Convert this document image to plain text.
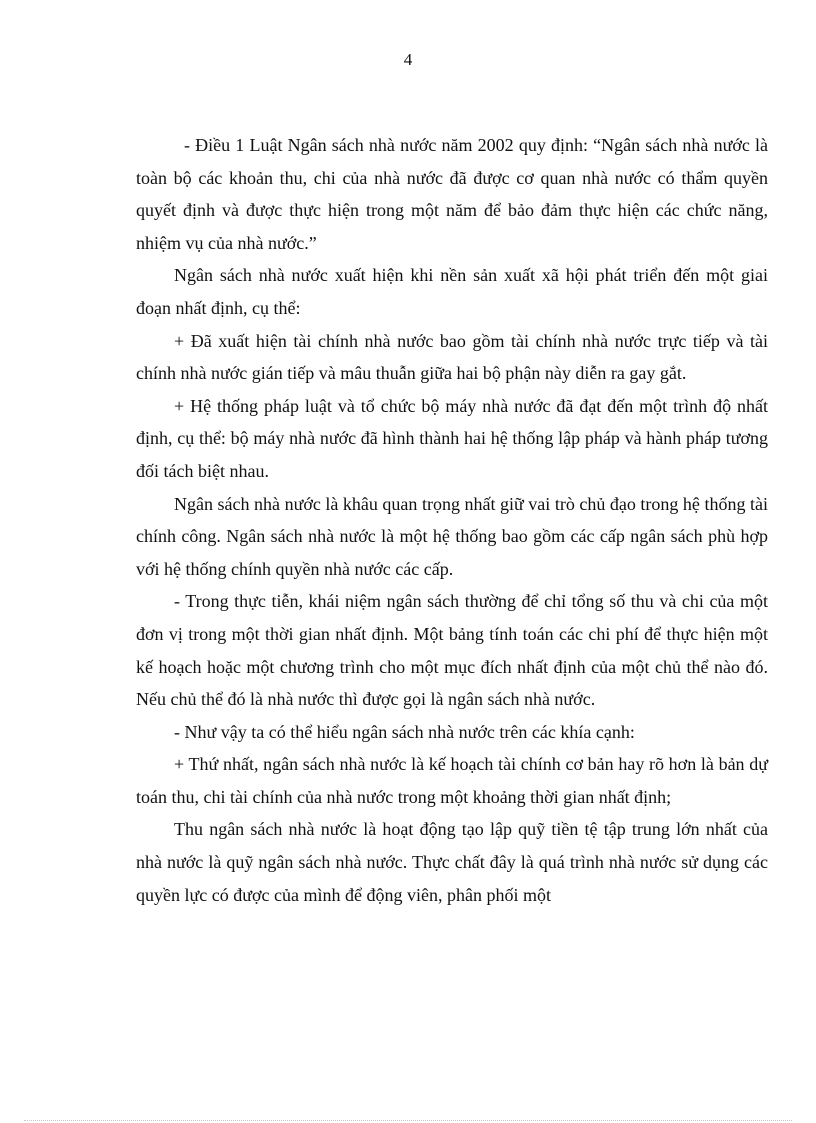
4

- Điều 1 Luật Ngân sách nhà nước năm 2002 quy định: “Ngân sách nhà nước là toàn bộ các khoản thu, chi của nhà nước đã được cơ quan nhà nước có thẩm quyền quyết định và được thực hiện trong một năm để bảo đảm thực hiện các chức năng, nhiệm vụ của nhà nước.”

Ngân sách nhà nước xuất hiện khi nền sản xuất xã hội phát triển đến một giai đoạn nhất định, cụ thể:

+ Đã xuất hiện tài chính nhà nước bao gồm tài chính nhà nước trực tiếp và tài chính nhà nước gián tiếp và mâu thuẫn giữa hai bộ phận này diễn ra gay gắt.

+ Hệ thống pháp luật và tổ chức bộ máy nhà nước đã đạt đến một trình độ nhất định, cụ thể: bộ máy nhà nước đã hình thành hai hệ thống lập pháp và hành pháp tương đối tách biệt nhau.

Ngân sách nhà nước là khâu quan trọng nhất giữ vai trò chủ đạo trong hệ thống tài chính công. Ngân sách nhà nước là một hệ thống bao gồm các cấp ngân sách phù hợp với hệ thống chính quyền nhà nước các cấp.

- Trong thực tiễn, khái niệm ngân sách thường để chỉ tổng số thu và chi của một đơn vị trong một thời gian nhất định. Một bảng tính toán các chi phí để thực hiện một kế hoạch hoặc một chương trình cho một mục đích nhất định của một chủ thể nào đó. Nếu chủ thể đó là nhà nước thì được gọi là ngân sách nhà nước.

- Như vậy ta có thể hiểu ngân sách nhà nước trên các khía cạnh:

+ Thứ nhất, ngân sách nhà nước là kế hoạch tài chính cơ bản hay rõ hơn là bản dự toán thu, chi tài chính của nhà nước trong một khoảng thời gian nhất định;

Thu ngân sách nhà nước là hoạt động tạo lập quỹ tiền tệ tập trung lớn nhất của nhà nước là quỹ ngân sách nhà nước. Thực chất đây là quá trình nhà nước sử dụng các quyền lực có được của mình để động viên, phân phối một
